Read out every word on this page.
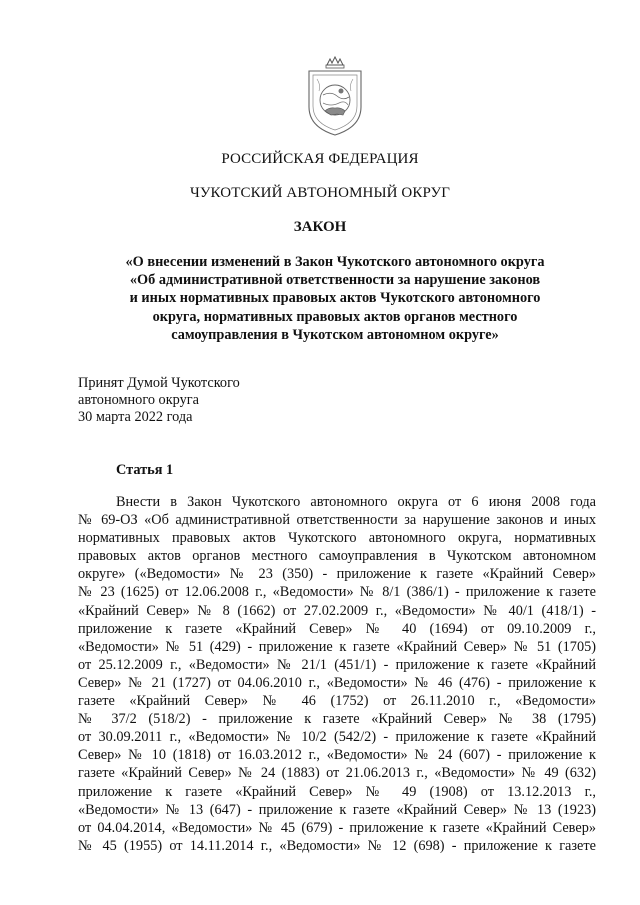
РОССИЙСКАЯ ФЕДЕРАЦИЯ
ЧУКОТСКИЙ АВТОНОМНЫЙ ОКРУГ
ЗАКОН
«О внесении изменений в Закон Чукотского автономного округа
«Об административной ответственности за нарушение законов
и иных нормативных правовых актов Чукотского автономного
округа, нормативных правовых актов органов местного
самоуправления в Чукотском автономном округе»
Принят Думой Чукотского
автономного округа
30 марта 2022 года
Статья 1
Внести в Закон Чукотского автономного округа от 6 июня 2008 года
№ 69-ОЗ «Об административной ответственности за нарушение законов и иных
нормативных правовых актов Чукотского автономного округа, нормативных
правовых актов органов местного самоуправления в Чукотском автономном
округе» («Ведомости» № 23 (350) - приложение к газете «Крайний Север»
№ 23 (1625) от 12.06.2008 г., «Ведомости» № 8/1 (386/1) - приложение к газете
«Крайний Север» № 8 (1662) от 27.02.2009 г., «Ведомости» № 40/1 (418/1) -
приложение к газете «Крайний Север» № 40 (1694) от 09.10.2009 г.,
«Ведомости» № 51 (429) - приложение к газете «Крайний Север» № 51 (1705)
от 25.12.2009 г., «Ведомости» № 21/1 (451/1) - приложение к газете «Крайний
Север» № 21 (1727) от 04.06.2010 г., «Ведомости» № 46 (476) - приложение к
газете «Крайний Север» № 46 (1752) от 26.11.2010 г., «Ведомости»
№ 37/2 (518/2) - приложение к газете «Крайний Север» № 38 (1795)
от 30.09.2011 г., «Ведомости» № 10/2 (542/2) - приложение к газете «Крайний
Север» № 10 (1818) от 16.03.2012 г., «Ведомости» № 24 (607) - приложение к
газете «Крайний Север» № 24 (1883) от 21.06.2013 г., «Ведомости» № 49 (632)
приложение к газете «Крайний Север» № 49 (1908) от 13.12.2013 г.,
«Ведомости» № 13 (647) - приложение к газете «Крайний Север» № 13 (1923)
от 04.04.2014, «Ведомости» № 45 (679) - приложение к газете «Крайний Север»
№ 45 (1955) от 14.11.2014 г., «Ведомости» № 12 (698) - приложение к газете
